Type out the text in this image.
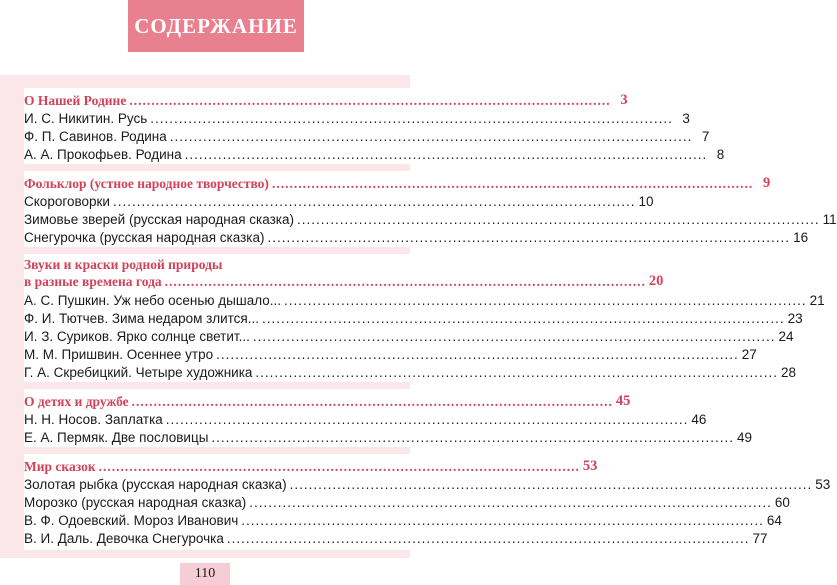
СОДЕРЖАНИЕ
О Нашей Родине .............................................................................................................. 3
И. С. Никитин. Русь .............................................................................................................. 3
Ф. П. Савинов. Родина .............................................................................................................. 7
А. А. Прокофьев. Родина .............................................................................................................. 8
Фольклор (устное народное творчество) .............................................................................................................. 9
Скороговорки .............................................................................................................. 10
Зимовье зверей (русская народная сказка) .............................................................................................................. 11
Снегурочка (русская народная сказка) .............................................................................................................. 16
Звуки и краски родной природы
в разные времена года .............................................................................................................. 20
А. С. Пушкин. Уж небо осенью дышало... .............................................................................................................. 21
Ф. И. Тютчев. Зима недаром злится... .............................................................................................................. 23
И. З. Суриков. Ярко солнце светит... .............................................................................................................. 24
М. М. Пришвин. Осеннее утро .............................................................................................................. 27
Г. А. Скребицкий. Четыре художника .............................................................................................................. 28
О детях и дружбе .............................................................................................................. 45
Н. Н. Носов. Заплатка .............................................................................................................. 46
Е. А. Пермяк. Две пословицы .............................................................................................................. 49
Мир сказок .............................................................................................................. 53
Золотая рыбка (русская народная сказка) .............................................................................................................. 53
Морозко (русская народная сказка) .............................................................................................................. 60
В. Ф. Одоевский. Мороз Иванович .............................................................................................................. 64
В. И. Даль. Девочка Снегурочка .............................................................................................................. 77
110
